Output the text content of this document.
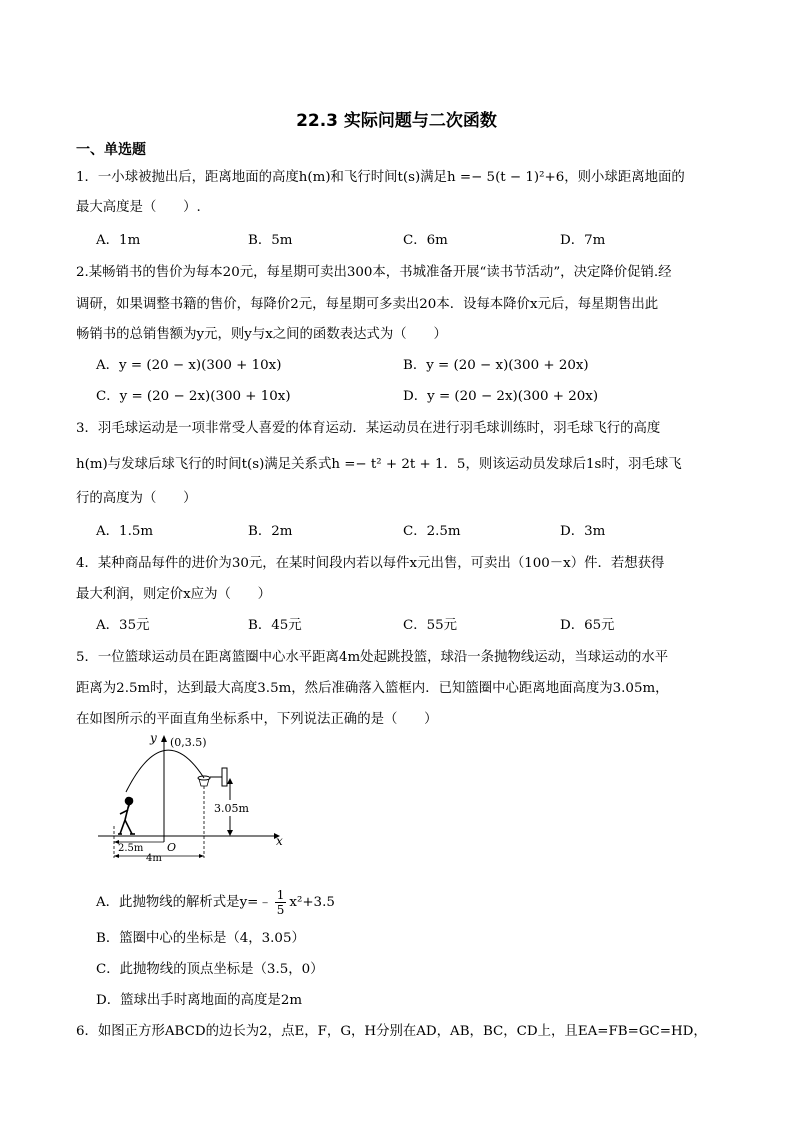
22.3 实际问题与二次函数
一、单选题
1．一小球被抛出后，距离地面的高度h(m)和飞行时间t(s)满足h =− 5(t − 1)²+6，则小球距离地面的
最大高度是（　　）.
A．1m	B．5m	C．6m	D．7m
2.某畅销书的售价为每本20元，每星期可卖出300本，书城准备开展“读书节活动”，决定降价促销.经
调研，如果调整书籍的售价，每降价2元，每星期可多卖出20本．设每本降价x元后，每星期售出此
畅销书的总销售额为y元，则y与x之间的函数表达式为（　　）
A．y = (20 − x)(300 + 10x)	B．y = (20 − x)(300 + 20x)
C．y = (20 − 2x)(300 + 10x)	D．y = (20 − 2x)(300 + 20x)
3．羽毛球运动是一项非常受人喜爱的体育运动．某运动员在进行羽毛球训练时，羽毛球飞行的高度
h(m)与发球后球飞行的时间t(s)满足关系式h =− t² + 2t + 1．5，则该运动员发球后1s时，羽毛球飞
行的高度为（　　）
A．1.5m	B．2m	C．2.5m	D．3m
4．某种商品每件的进价为30元，在某时间段内若以每件x元出售，可卖出（100－x）件．若想获得
最大利润，则定价x应为（　　）
A．35元	B．45元	C．55元	D．65元
5．一位篮球运动员在距离篮圈中心水平距离4m处起跳投篮，球沿一条抛物线运动，当球运动的水平
距离为2.5m时，达到最大高度3.5m，然后准确落入篮框内．已知篮圈中心距离地面高度为3.05m，
在如图所示的平面直角坐标系中，下列说法正确的是（　　）
y
x
(0,3.5)
3.05m
O
2.5m
4m
A．此抛物线的解析式是y=﹣ $\frac{1}{5} x^2+3.5$
B．篮圈中心的坐标是（4，3.05）
C．此抛物线的顶点坐标是（3.5，0）
D．篮球出手时离地面的高度是2m
6．如图正方形ABCD的边长为2，点E，F，G，H分别在AD，AB，BC，CD上，且EA=FB=GC=HD，
